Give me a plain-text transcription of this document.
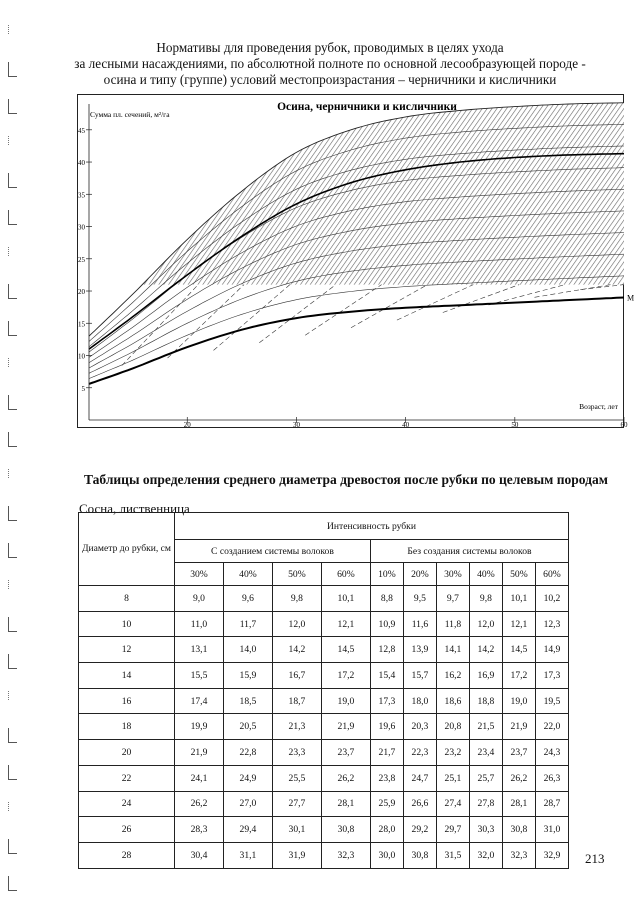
Нормативы для проведения рубок, проводимых в целях ухода
за лесными насаждениями, по абсолютной полноте по основной лесообразующей породе -
осина и типу (группе) условий местопроизрастания – черничники и кисличники
M
5
10
15
20
25
30
35
40
45
20	30	40	50	60
Осина, черничники и кисличники
Сумма пл. сечений, м²/га
Возраст, лет
Таблицы определения среднего диаметра древостоя после рубки по целевым породам
Сосна, лиственница
Диаметр до рубки, см	Интенсивность рубки									
	С созданием системы волоков				Без создания системы волоков					
	30%	40%	50%	60%	10%	20%	30%	40%	50%	60%
8	9,0	9,6	9,8	10,1	8,8	9,5	9,7	9,8	10,1	10,2
10	11,0	11,7	12,0	12,1	10,9	11,6	11,8	12,0	12,1	12,3
12	13,1	14,0	14,2	14,5	12,8	13,9	14,1	14,2	14,5	14,9
14	15,5	15,9	16,7	17,2	15,4	15,7	16,2	16,9	17,2	17,3
16	17,4	18,5	18,7	19,0	17,3	18,0	18,6	18,8	19,0	19,5
18	19,9	20,5	21,3	21,9	19,6	20,3	20,8	21,5	21,9	22,0
20	21,9	22,8	23,3	23,7	21,7	22,3	23,2	23,4	23,7	24,3
22	24,1	24,9	25,5	26,2	23,8	24,7	25,1	25,7	26,2	26,3
24	26,2	27,0	27,7	28,1	25,9	26,6	27,4	27,8	28,1	28,7
26	28,3	29,4	30,1	30,8	28,0	29,2	29,7	30,3	30,8	31,0
28	30,4	31,1	31,9	32,3	30,0	30,8	31,5	32,0	32,3	32,9 213
